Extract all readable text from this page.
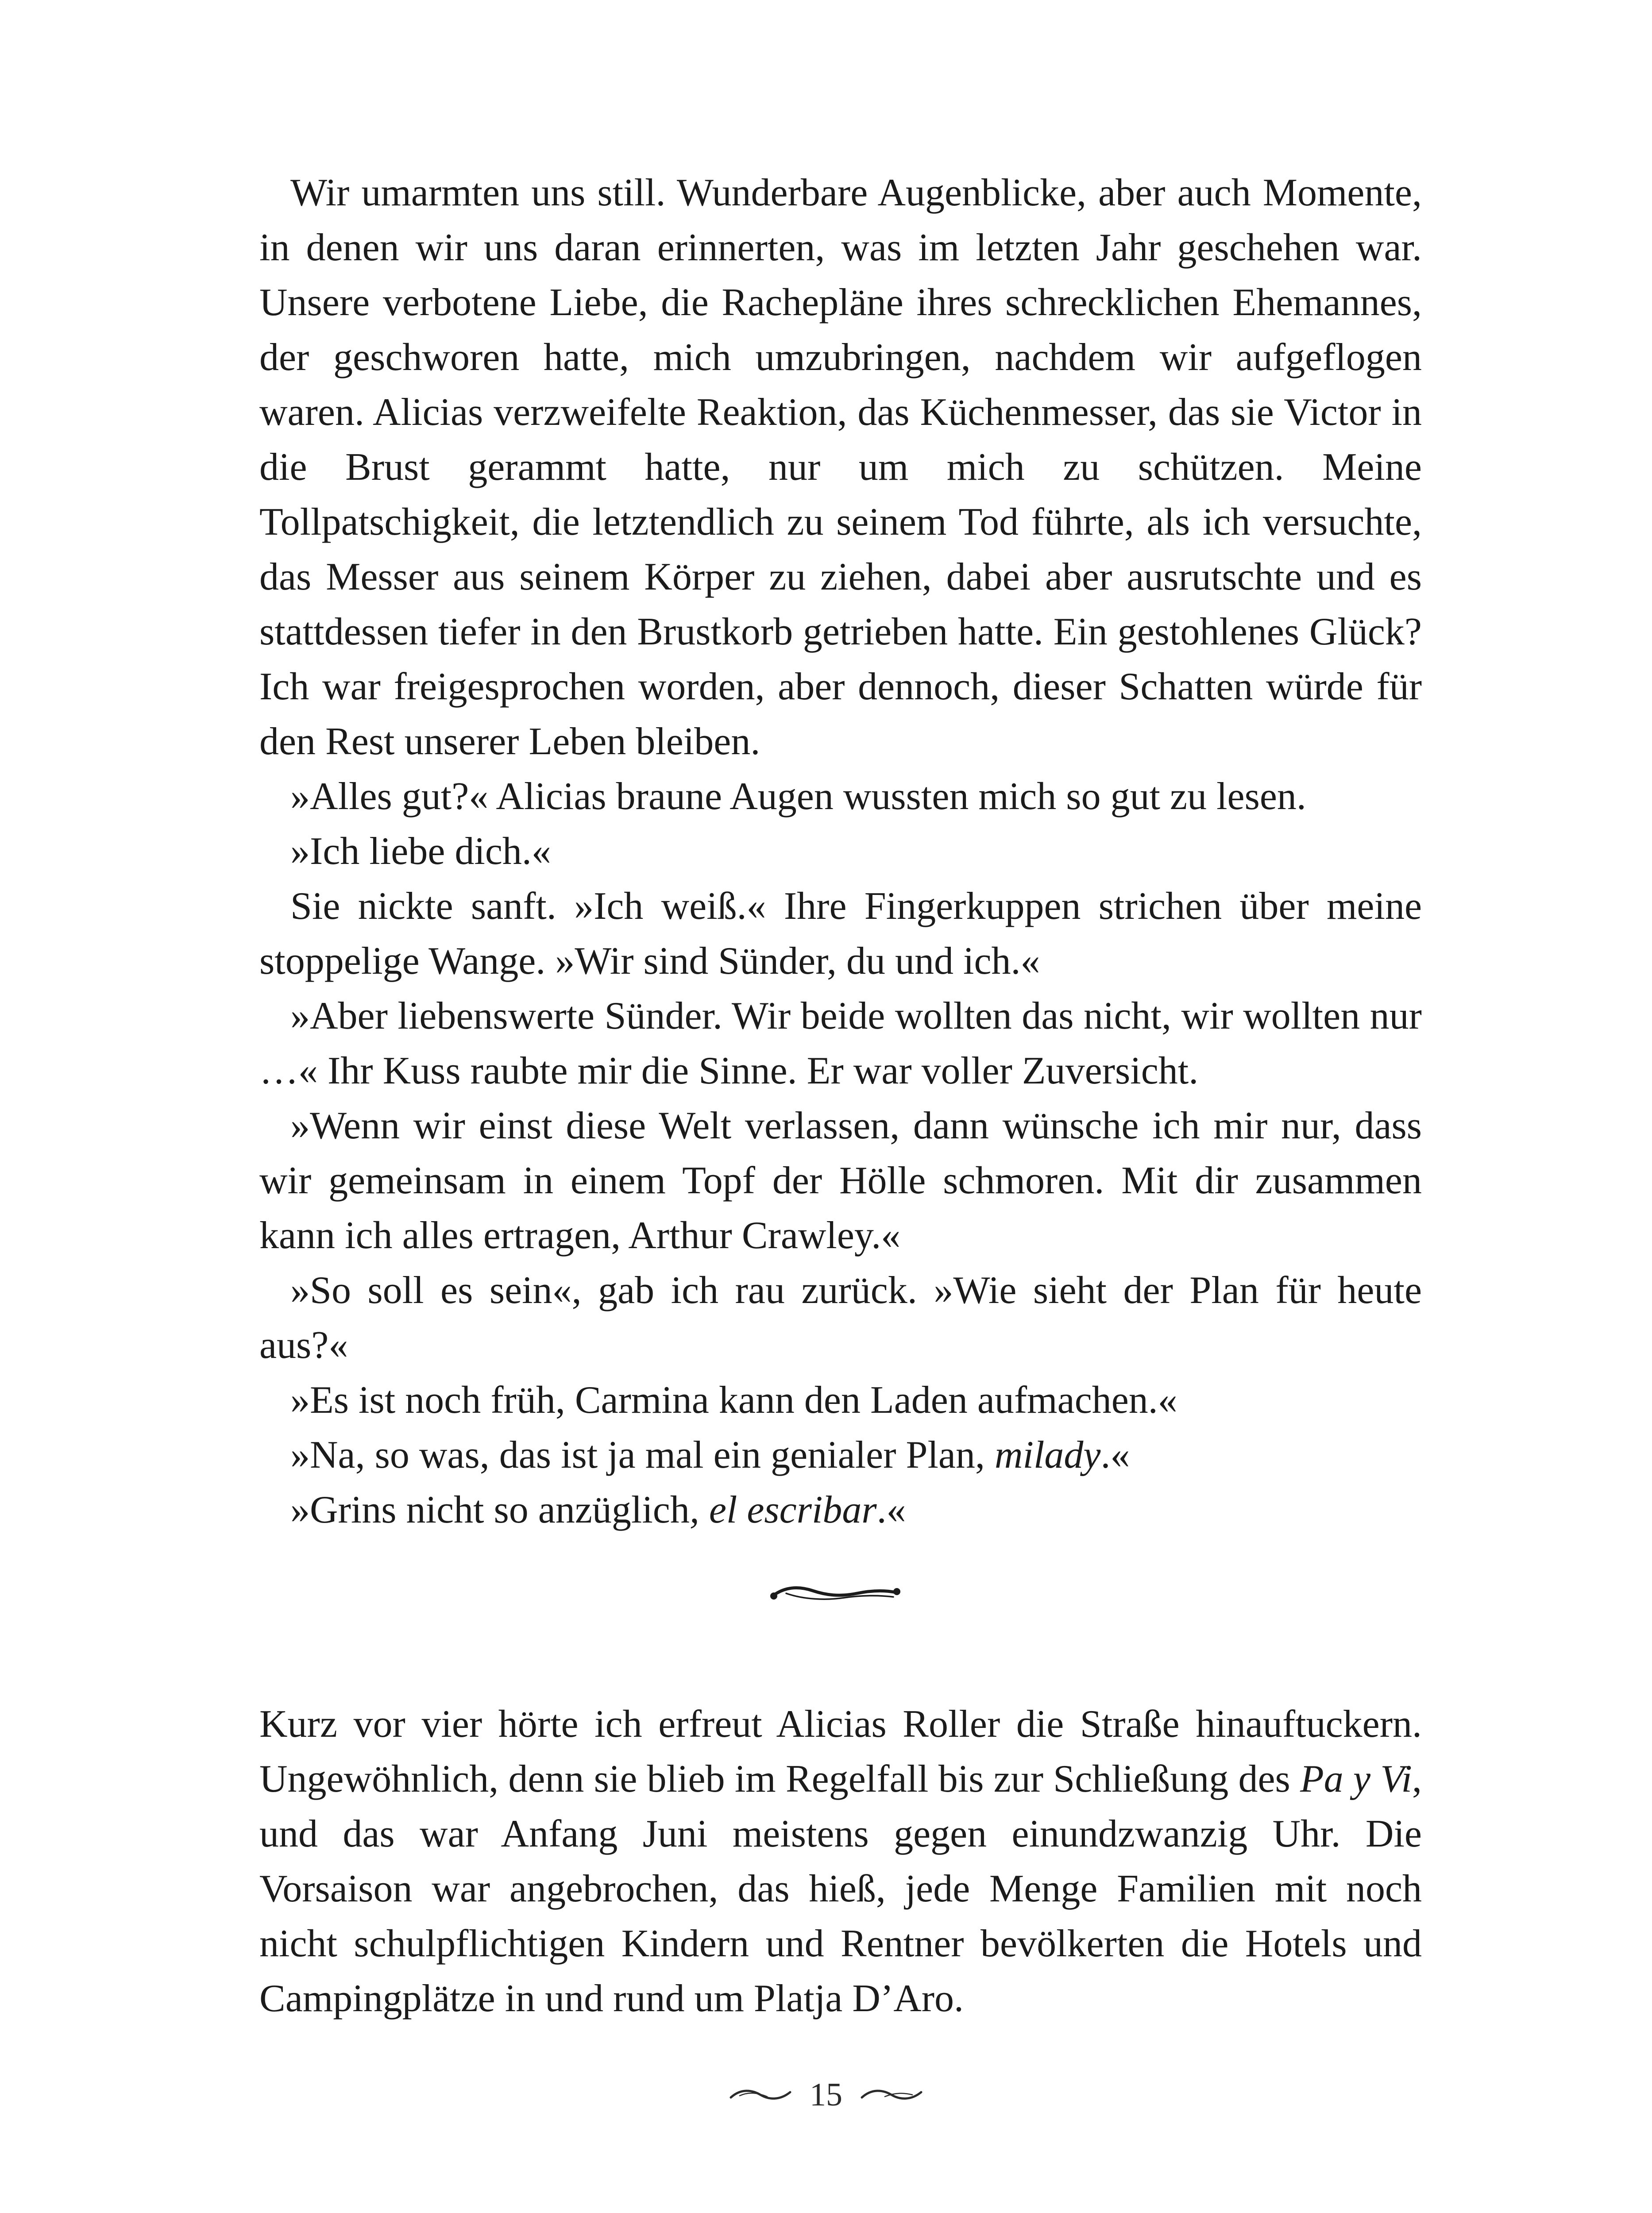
Wir umarmten uns still. Wunderbare Augenblicke, aber auch Momente, in denen wir uns daran erinnerten, was im letzten Jahr geschehen war. Unsere verbotene Liebe, die Rachepläne ihres schrecklichen Ehemannes, der geschworen hatte, mich umzubringen, nachdem wir aufgeflogen waren. Alicias verzweifelte Reaktion, das Küchenmesser, das sie Victor in die Brust gerammt hatte, nur um mich zu schützen. Meine Tollpatschigkeit, die letztendlich zu seinem Tod führte, als ich versuchte, das Messer aus seinem Körper zu ziehen, dabei aber ausrutschte und es stattdessen tiefer in den Brustkorb getrieben hatte. Ein gestohlenes Glück? Ich war freigesprochen worden, aber dennoch, dieser Schatten würde für den Rest unserer Leben bleiben.

»Alles gut?« Alicias braune Augen wussten mich so gut zu lesen.

»Ich liebe dich.«

Sie nickte sanft. »Ich weiß.« Ihre Fingerkuppen strichen über meine stoppelige Wange. »Wir sind Sünder, du und ich.«

»Aber liebenswerte Sünder. Wir beide wollten das nicht, wir wollten nur …« Ihr Kuss raubte mir die Sinne. Er war voller Zuversicht.

»Wenn wir einst diese Welt verlassen, dann wünsche ich mir nur, dass wir gemeinsam in einem Topf der Hölle schmoren. Mit dir zusammen kann ich alles ertragen, Arthur Crawley.«

»So soll es sein«, gab ich rau zurück. »Wie sieht der Plan für heute aus?«

»Es ist noch früh, Carmina kann den Laden aufmachen.«

»Na, so was, das ist ja mal ein genialer Plan, milady.«

»Grins nicht so anzüglich, el escribar.«

Kurz vor vier hörte ich erfreut Alicias Roller die Straße hinauftuckern. Ungewöhnlich, denn sie blieb im Regelfall bis zur Schließung des Pa y Vi, und das war Anfang Juni meistens gegen einundzwanzig Uhr. Die Vorsaison war angebrochen, das hieß, jede Menge Familien mit noch nicht schulpflichtigen Kindern und Rentner bevölkerten die Hotels und Campingplätze in und rund um Platja D’Aro.

15
